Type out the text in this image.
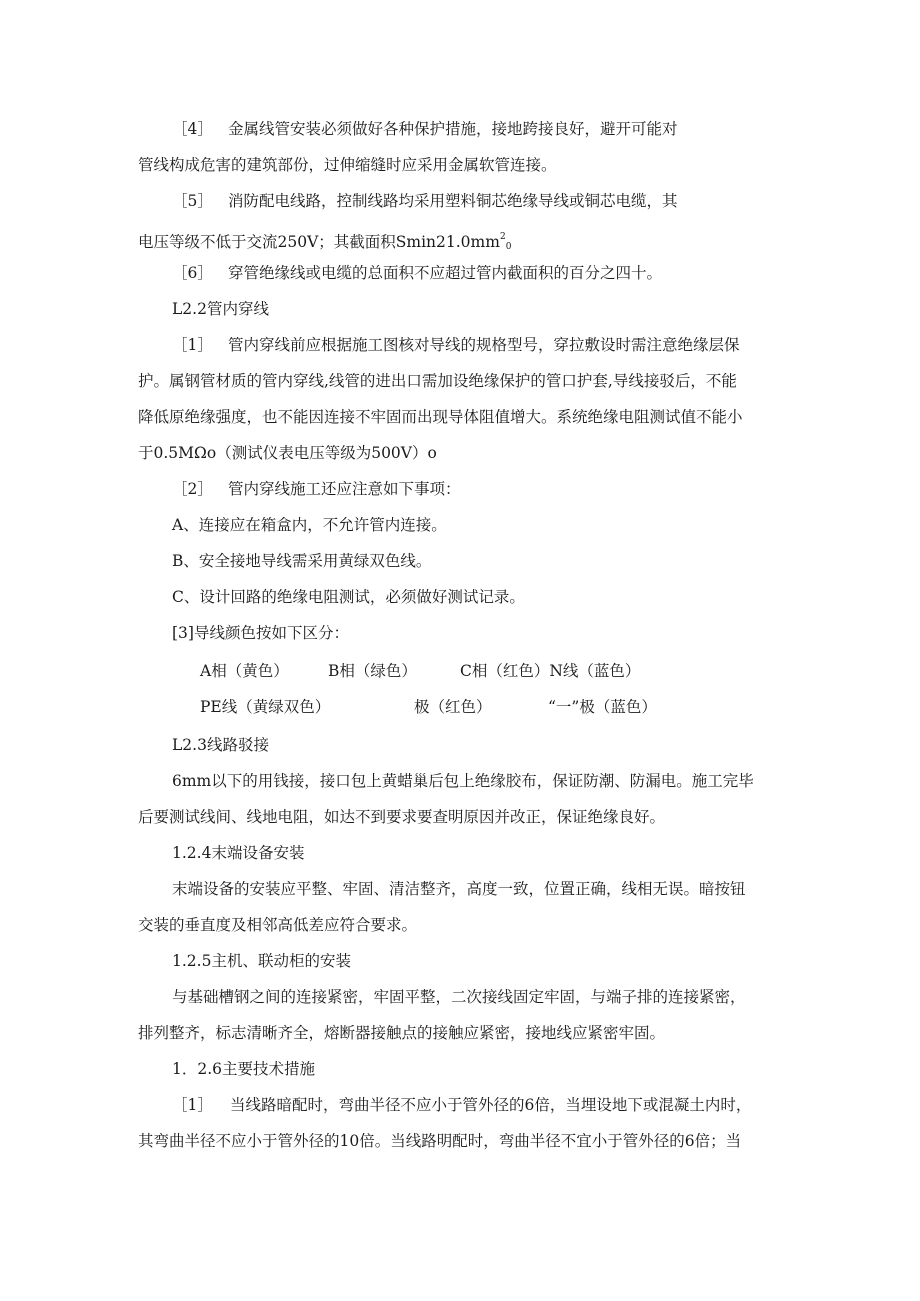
［4］ 金属线管安装必须做好各种保护措施，接地跨接良好，避开可能对
管线构成危害的建筑部份，过伸缩缝时应采用金属软管连接。
［5］ 消防配电线路，控制线路均采用塑料铜芯绝缘导线或铜芯电缆，其
电压等级不低于交流250V；其截面积$Smin21.0mm^2_0$
［6］ 穿管绝缘线或电缆的总面积不应超过管内截面积的百分之四十。
L2.2管内穿线
［1］ 管内穿线前应根据施工图核对导线的规格型号，穿拉敷设时需注意绝缘层保
护。属钢管材质的管内穿线,线管的进出口需加设绝缘保护的管口护套,导线接驳后，不能
降低原绝缘强度，也不能因连接不牢固而出现导体阻值增大。系统绝缘电阻测试值不能小
于0.5MΩo（测试仪表电压等级为500V）o
［2］ 管内穿线施工还应注意如下事项：
A、连接应在箱盒内，不允许管内连接。
B、安全接地导线需采用黄绿双色线。
C、设计回路的绝缘电阻测试，必须做好测试记录。
[3]导线颜色按如下区分：
A相（黄色）	B相（绿色）	C相（红色）N线（蓝色）
PE线（黄绿双色）	极（红色）	“一”极（蓝色）
L2.3线路驳接
6mm以下的用钱接，接口包上黄蜡巢后包上绝缘胶布，保证防潮、防漏电。施工完毕
后要测试线间、线地电阻，如达不到要求要查明原因并改正，保证绝缘良好。
1.2.4末端设备安装
末端设备的安装应平整、牢固、清洁整齐，高度一致，位置正确，线相无误。暗按钮
交装的垂直度及相邻高低差应符合要求。
1.2.5主机、联动柜的安装
与基础槽钢之间的连接紧密，牢固平整，二次接线固定牢固，与端子排的连接紧密，
排列整齐，标志清晰齐全，熔断器接触点的接触应紧密，接地线应紧密牢固。
1．2.6主要技术措施
［1］ 当线路暗配时，弯曲半径不应小于管外径的6倍，当埋设地下或混凝土内时，
其弯曲半径不应小于管外径的10倍。当线路明配时，弯曲半径不宜小于管外径的6倍；当
